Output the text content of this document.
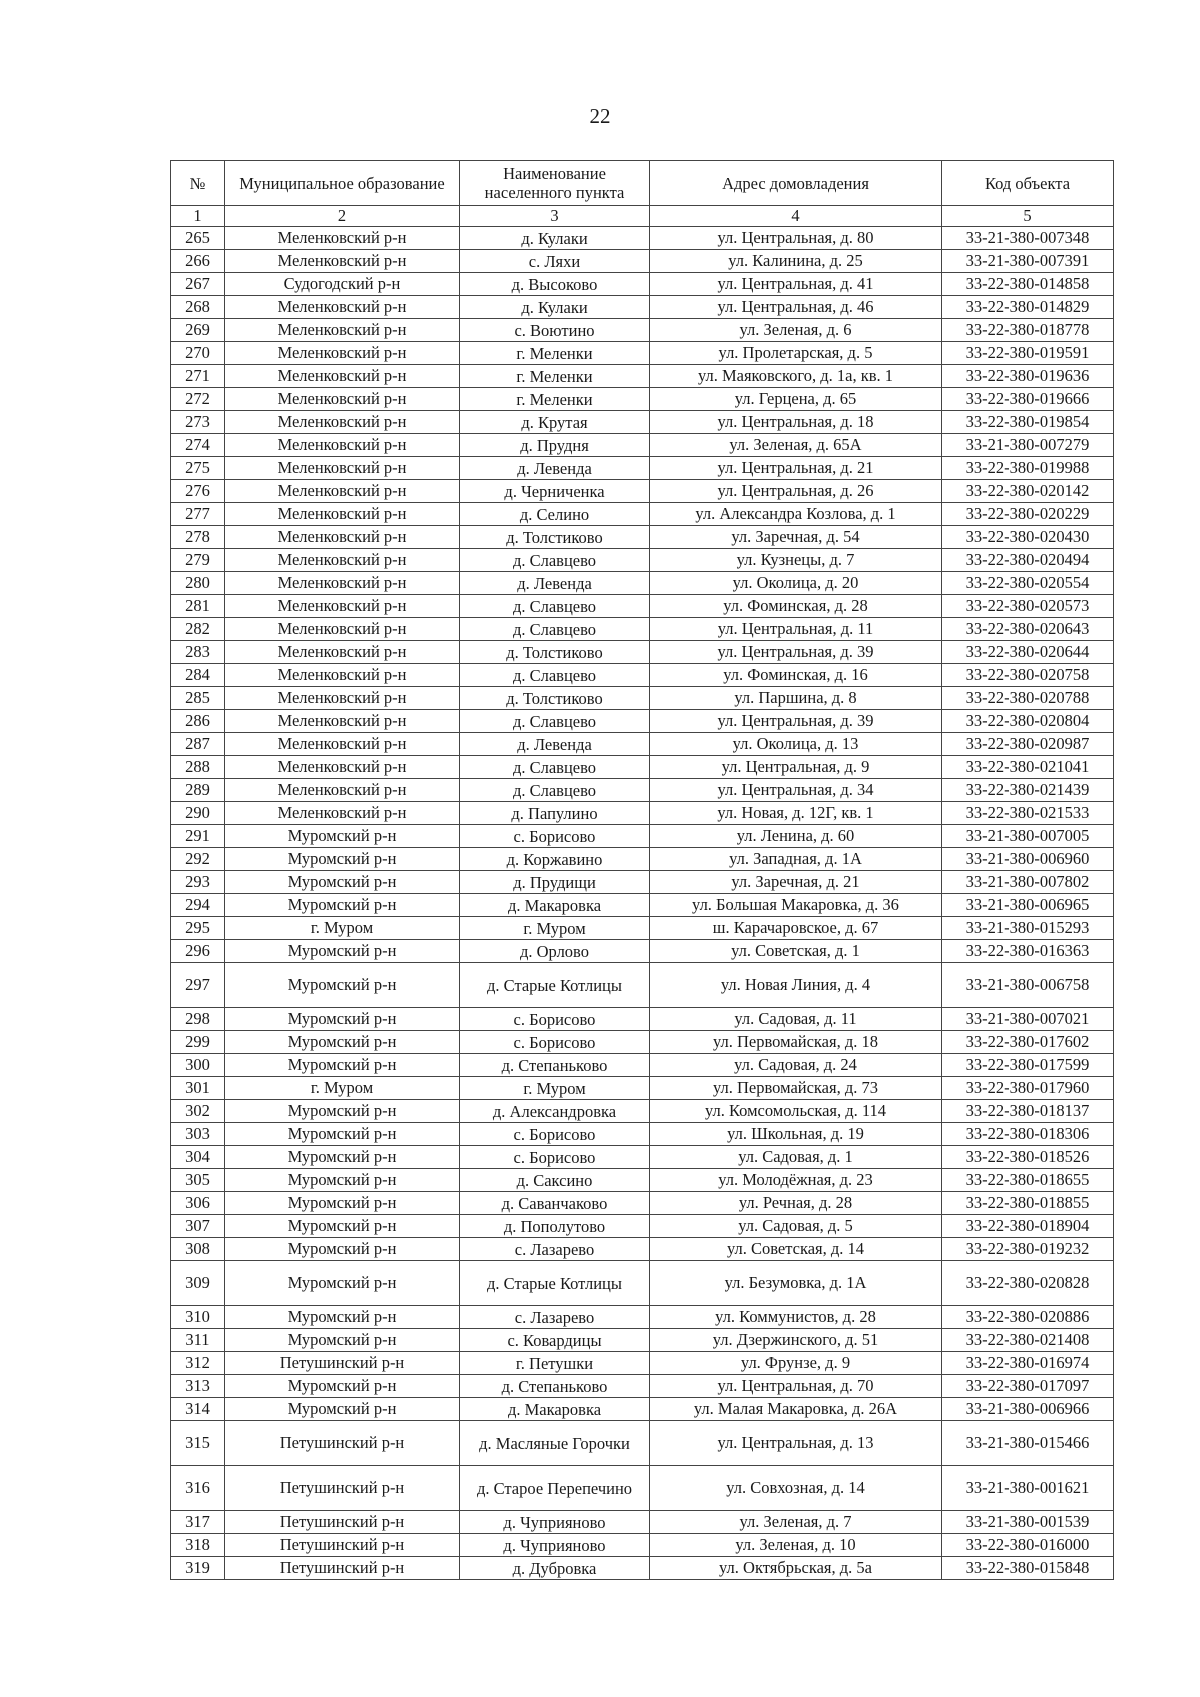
22
№	Муниципальное образование	Наименование населенного пункта	Адрес домовладения	Код объекта
1	2	3	4	5
265	Меленковский р-н	д. Кулаки	ул. Центральная, д. 80	33-21-380-007348
266	Меленковский р-н	с. Ляхи	ул. Калинина, д. 25	33-21-380-007391
267	Судогодский р-н	д. Высоково	ул. Центральная, д. 41	33-22-380-014858
268	Меленковский р-н	д. Кулаки	ул. Центральная, д. 46	33-22-380-014829
269	Меленковский р-н	с. Воютино	ул. Зеленая, д. 6	33-22-380-018778
270	Меленковский р-н	г. Меленки	ул. Пролетарская, д. 5	33-22-380-019591
271	Меленковский р-н	г. Меленки	ул. Маяковского, д. 1а, кв. 1	33-22-380-019636
272	Меленковский р-н	г. Меленки	ул. Герцена, д. 65	33-22-380-019666
273	Меленковский р-н	д. Крутая	ул. Центральная, д. 18	33-22-380-019854
274	Меленковский р-н	д. Прудня	ул. Зеленая, д. 65А	33-21-380-007279
275	Меленковский р-н	д. Левенда	ул. Центральная, д. 21	33-22-380-019988
276	Меленковский р-н	д. Черниченка	ул. Центральная, д. 26	33-22-380-020142
277	Меленковский р-н	д. Селино	ул. Александра Козлова, д. 1	33-22-380-020229
278	Меленковский р-н	д. Толстиково	ул. Заречная, д. 54	33-22-380-020430
279	Меленковский р-н	д. Славцево	ул. Кузнецы, д. 7	33-22-380-020494
280	Меленковский р-н	д. Левенда	ул. Околица, д. 20	33-22-380-020554
281	Меленковский р-н	д. Славцево	ул. Фоминская, д. 28	33-22-380-020573
282	Меленковский р-н	д. Славцево	ул. Центральная, д. 11	33-22-380-020643
283	Меленковский р-н	д. Толстиково	ул. Центральная, д. 39	33-22-380-020644
284	Меленковский р-н	д. Славцево	ул. Фоминская, д. 16	33-22-380-020758
285	Меленковский р-н	д. Толстиково	ул. Паршина, д. 8	33-22-380-020788
286	Меленковский р-н	д. Славцево	ул. Центральная, д. 39	33-22-380-020804
287	Меленковский р-н	д. Левенда	ул. Околица, д. 13	33-22-380-020987
288	Меленковский р-н	д. Славцево	ул. Центральная, д. 9	33-22-380-021041
289	Меленковский р-н	д. Славцево	ул. Центральная, д. 34	33-22-380-021439
290	Меленковский р-н	д. Папулино	ул. Новая, д. 12Г, кв. 1	33-22-380-021533
291	Муромский р-н	с. Борисово	ул. Ленина, д. 60	33-21-380-007005
292	Муромский р-н	д. Коржавино	ул. Западная, д. 1А	33-21-380-006960
293	Муромский р-н	д. Прудищи	ул. Заречная, д. 21	33-21-380-007802
294	Муромский р-н	д. Макаровка	ул. Большая Макаровка, д. 36	33-21-380-006965
295	г. Муром	г. Муром	ш. Карачаровское, д. 67	33-21-380-015293
296	Муромский р-н	д. Орлово	ул. Советская, д. 1	33-22-380-016363
297	Муромский р-н	д. Старые Котлицы	ул. Новая Линия, д. 4	33-21-380-006758
298	Муромский р-н	с. Борисово	ул. Садовая, д. 11	33-21-380-007021
299	Муромский р-н	с. Борисово	ул. Первомайская, д. 18	33-22-380-017602
300	Муромский р-н	д. Степаньково	ул. Садовая, д. 24	33-22-380-017599
301	г. Муром	г. Муром	ул. Первомайская, д. 73	33-22-380-017960
302	Муромский р-н	д. Александровка	ул. Комсомольская, д. 114	33-22-380-018137
303	Муромский р-н	с. Борисово	ул. Школьная, д. 19	33-22-380-018306
304	Муромский р-н	с. Борисово	ул. Садовая, д. 1	33-22-380-018526
305	Муромский р-н	д. Саксино	ул. Молодёжная, д. 23	33-22-380-018655
306	Муромский р-н	д. Саванчаково	ул. Речная, д. 28	33-22-380-018855
307	Муромский р-н	д. Пополутово	ул. Садовая, д. 5	33-22-380-018904
308	Муромский р-н	с. Лазарево	ул. Советская, д. 14	33-22-380-019232
309	Муромский р-н	д. Старые Котлицы	ул. Безумовка, д. 1А	33-22-380-020828
310	Муромский р-н	с. Лазарево	ул. Коммунистов, д. 28	33-22-380-020886
311	Муромский р-н	с. Ковардицы	ул. Дзержинского, д. 51	33-22-380-021408
312	Петушинский р-н	г. Петушки	ул. Фрунзе, д. 9	33-22-380-016974
313	Муромский р-н	д. Степаньково	ул. Центральная, д. 70	33-22-380-017097
314	Муромский р-н	д. Макаровка	ул. Малая Макаровка, д. 26А	33-21-380-006966
315	Петушинский р-н	д. Масляные Горочки	ул. Центральная, д. 13	33-21-380-015466
316	Петушинский р-н	д. Старое Перепечино	ул. Совхозная, д. 14	33-21-380-001621
317	Петушинский р-н	д. Чуприяново	ул. Зеленая, д. 7	33-21-380-001539
318	Петушинский р-н	д. Чуприяново	ул. Зеленая, д. 10	33-22-380-016000
319	Петушинский р-н	д. Дубровка	ул. Октябрьская, д. 5а	33-22-380-015848
